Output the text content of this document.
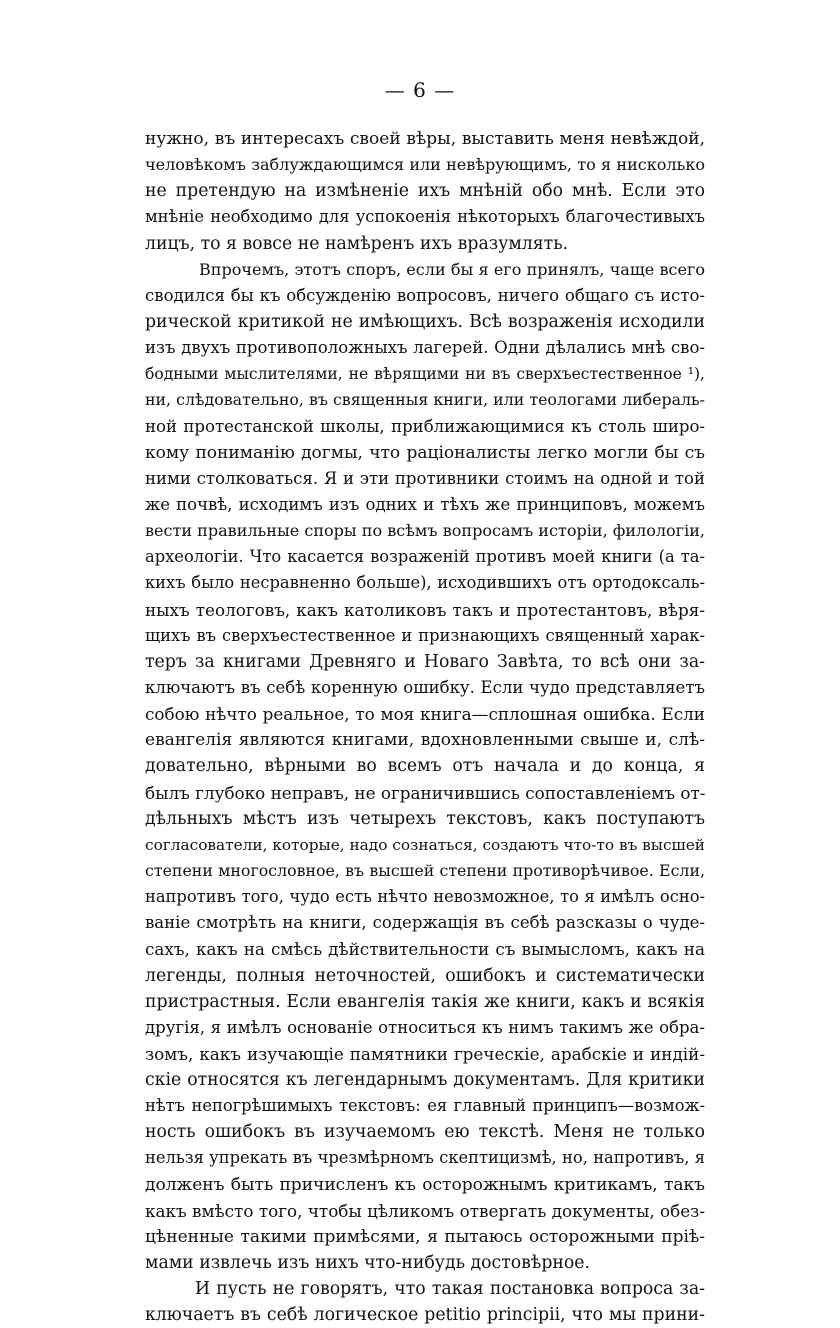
— 6 —
нужно, въ интересахъ своей вѣры, выставить меня невѣждой,
человѣкомъ заблуждающимся или невѣрующимъ, то я нисколько
не претендую на измѣненіе ихъ мнѣній обо мнѣ. Если это
мнѣніе необходимо для успокоенія нѣкоторыхъ благочестивыхъ
лицъ, то я вовсе не намѣренъ ихъ вразумлять.
Впрочемъ, этотъ споръ, если бы я его принялъ, чаще всего
сводился бы къ обсужденію вопросовъ, ничего общаго съ исто-
рической критикой не имѣющихъ. Всѣ возраженія исходили
изъ двухъ противоположныхъ лагерей. Одни дѣлались мнѣ сво-
бодными мыслителями, не вѣрящими ни въ сверхъестественное ¹),
ни, слѣдовательно, въ священныя книги, или теологами либераль-
ной протестанской школы, приближающимися къ столь широ-
кому пониманію догмы, что раціоналисты легко могли бы съ
ними столковаться. Я и эти противники стоимъ на одной и той
же почвѣ, исходимъ изъ одних и тѣхъ же принциповъ, можемъ
вести правильные споры по всѣмъ вопросамъ исторіи, филологіи,
археологіи. Что касается возраженій противъ моей книги (а та-
кихъ было несравненно больше), исходившихъ отъ ортодоксаль-
ныхъ теологовъ, какъ католиковъ такъ и протестантовъ, вѣря-
щихъ въ сверхъестественное и признающихъ священный харак-
теръ за книгами Древняго и Новаго Завѣта, то всѣ они за-
ключаютъ въ себѣ коренную ошибку. Если чудо представляетъ
собою нѣчто реальное, то моя книга—сплошная ошибка. Если
евангелія являются книгами, вдохновленными свыше и, слѣ-
довательно, вѣрными во всемъ отъ начала и до конца, я
былъ глубоко неправъ, не ограничившись сопоставленіемъ от-
дѣльныхъ мѣстъ изъ четырехъ текстовъ, какъ поступаютъ
согласователи, которые, надо сознаться, создаютъ что-то въ высшей
степени многословное, въ высшей степени противорѣчивое. Если,
напротивъ того, чудо есть нѣчто невозможное, то я имѣлъ осно-
ваніе смотрѣть на книги, содержащія въ себѣ разсказы о чуде-
сахъ, какъ на смѣсь дѣйствительности съ вымысломъ, какъ на
легенды, полныя неточностей, ошибокъ и систематически
пристрастныя. Если евангелія такія же книги, какъ и всякія
другія, я имѣлъ основаніе относиться къ нимъ такимъ же обра-
зомъ, какъ изучающіе памятники греческіе, арабскіе и индій-
скіе относятся къ легендарнымъ документамъ. Для критики
нѣтъ непогрѣшимыхъ текстовъ: ея главный принципъ—возмож-
ность ошибокъ въ изучаемомъ ею текстѣ. Меня не только
нельзя упрекать въ чрезмѣрномъ скептицизмѣ, но, напротивъ, я
долженъ быть причисленъ къ осторожнымъ критикамъ, такъ
какъ вмѣсто того, чтобы цѣликомъ отвергать документы, обез-
цѣненные такими примѣсями, я пытаюсь осторожными пріѣ-
мами извлечь изъ нихъ что-нибудь достовѣрное.
И пусть не говорятъ, что такая постановка вопроса за-
ключаетъ въ себѣ логическое petitio principii, что мы прини-
